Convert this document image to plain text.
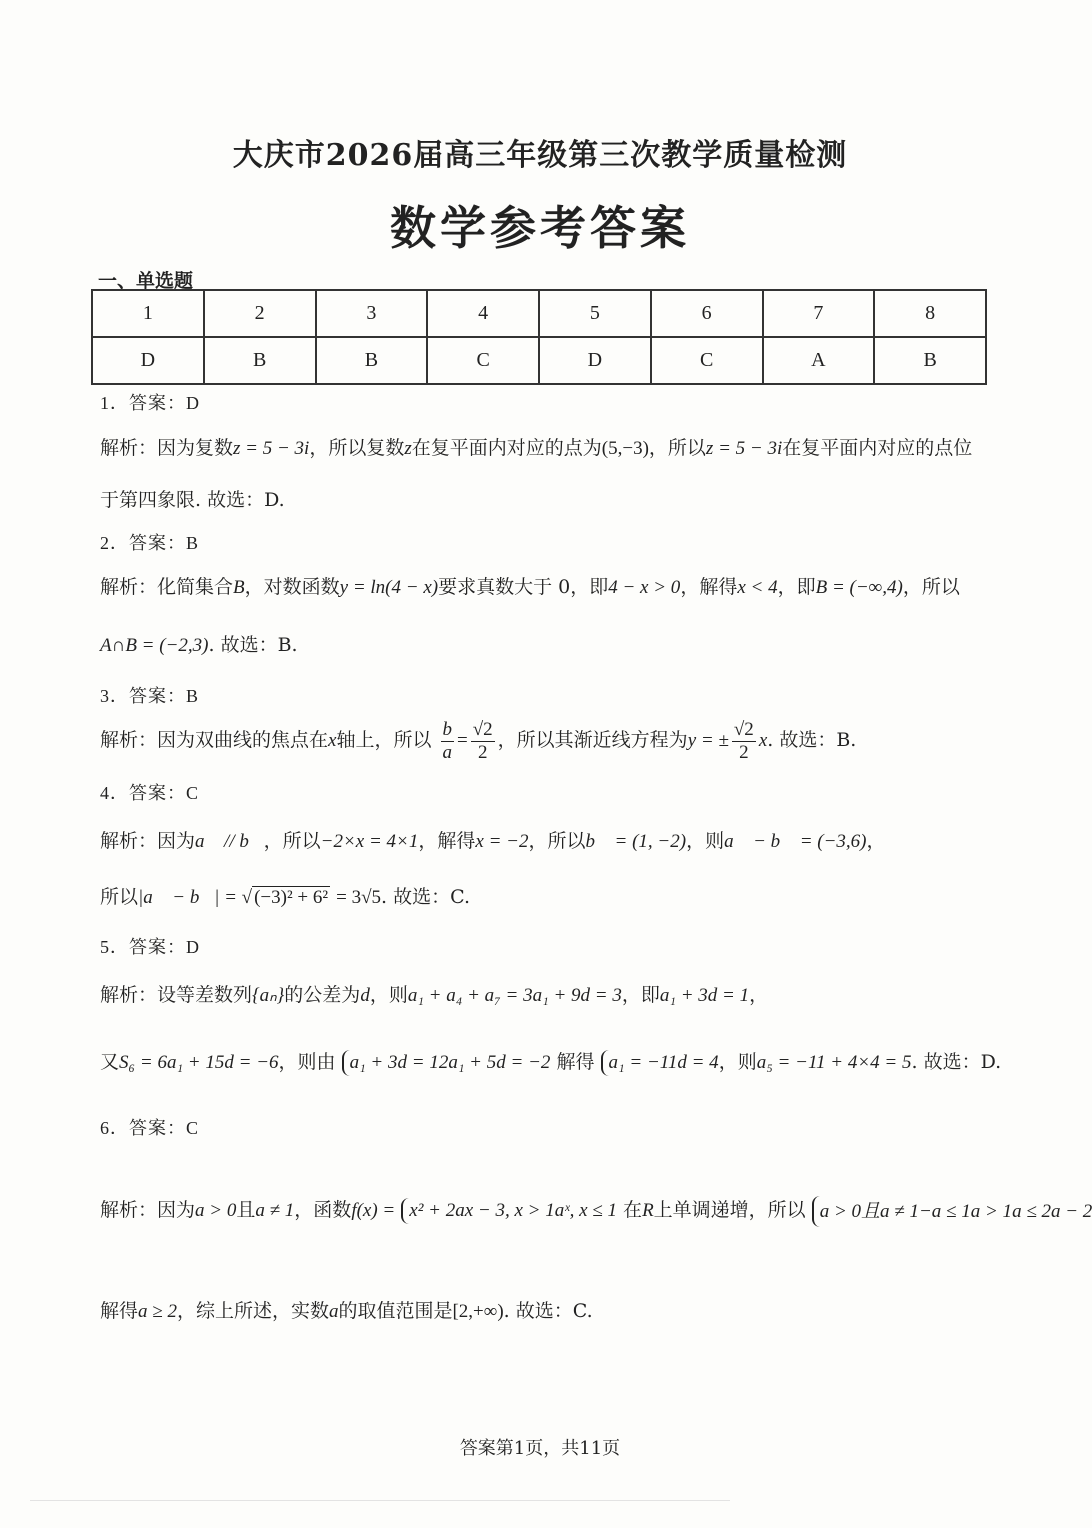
大庆市2026届高三年级第三次教学质量检测
数学参考答案
一、单选题
1	2	3	4	5	6	7	8
D	B	B	C	D	C	A	B
1．答案：D
解析：因为复数z = 5 − 3i，所以复数z在复平面内对应的点为(5,−3)，所以z = 5 − 3i在复平面内对应的点位
于第四象限. 故选：D.
2．答案：B
解析：化简集合B，对数函数y = ln(4 − x)要求真数大于 0，即4 − x > 0，解得x < 4，即B = (−∞,4)，所以
A∩B = (−2,3). 故选：B.
3．答案：B
解析：因为双曲线的焦点在x轴上，所以 $\frac{b}{a} = \frac{√2}{2}$ ，所以其渐近线方程为y = ± $\frac{√2}{2} x$. 故选：B.
4．答案：C
解析：因为a⃗ // b⃗，所以−2×x = 4×1，解得x = −2，所以b⃗ = (1, −2)，则a⃗ − b⃗ = (−3,6)，
所以|a⃗ − b⃗| = √ (−3)² + 6² = 3√5. 故选：C.
5．答案：D
解析：设等差数列{aₙ}的公差为d，则a₁ + a₄ + a₇ = 3a₁ + 9d = 3，即a₁ + 3d = 1，
又S₆ = 6a₁ + 15d = −6，则由 a₁ + 3d = 12a₁ + 5d = −2 解得 a₁ = −11d = 4，则a₅ = −11 + 4×4 = 5. 故选：D.
6．答案：C
解析：因为a > 0且a ≠ 1，函数f(x) = x² + 2ax − 3, x > 1aˣ, x ≤ 1 在R上单调递增，所以 a > 0且a ≠ 1−a ≤ 1a > 1a ≤ 2a − 2
解得a ≥ 2，综上所述，实数a的取值范围是[2,+∞). 故选：C.
答案第1页，共11页
